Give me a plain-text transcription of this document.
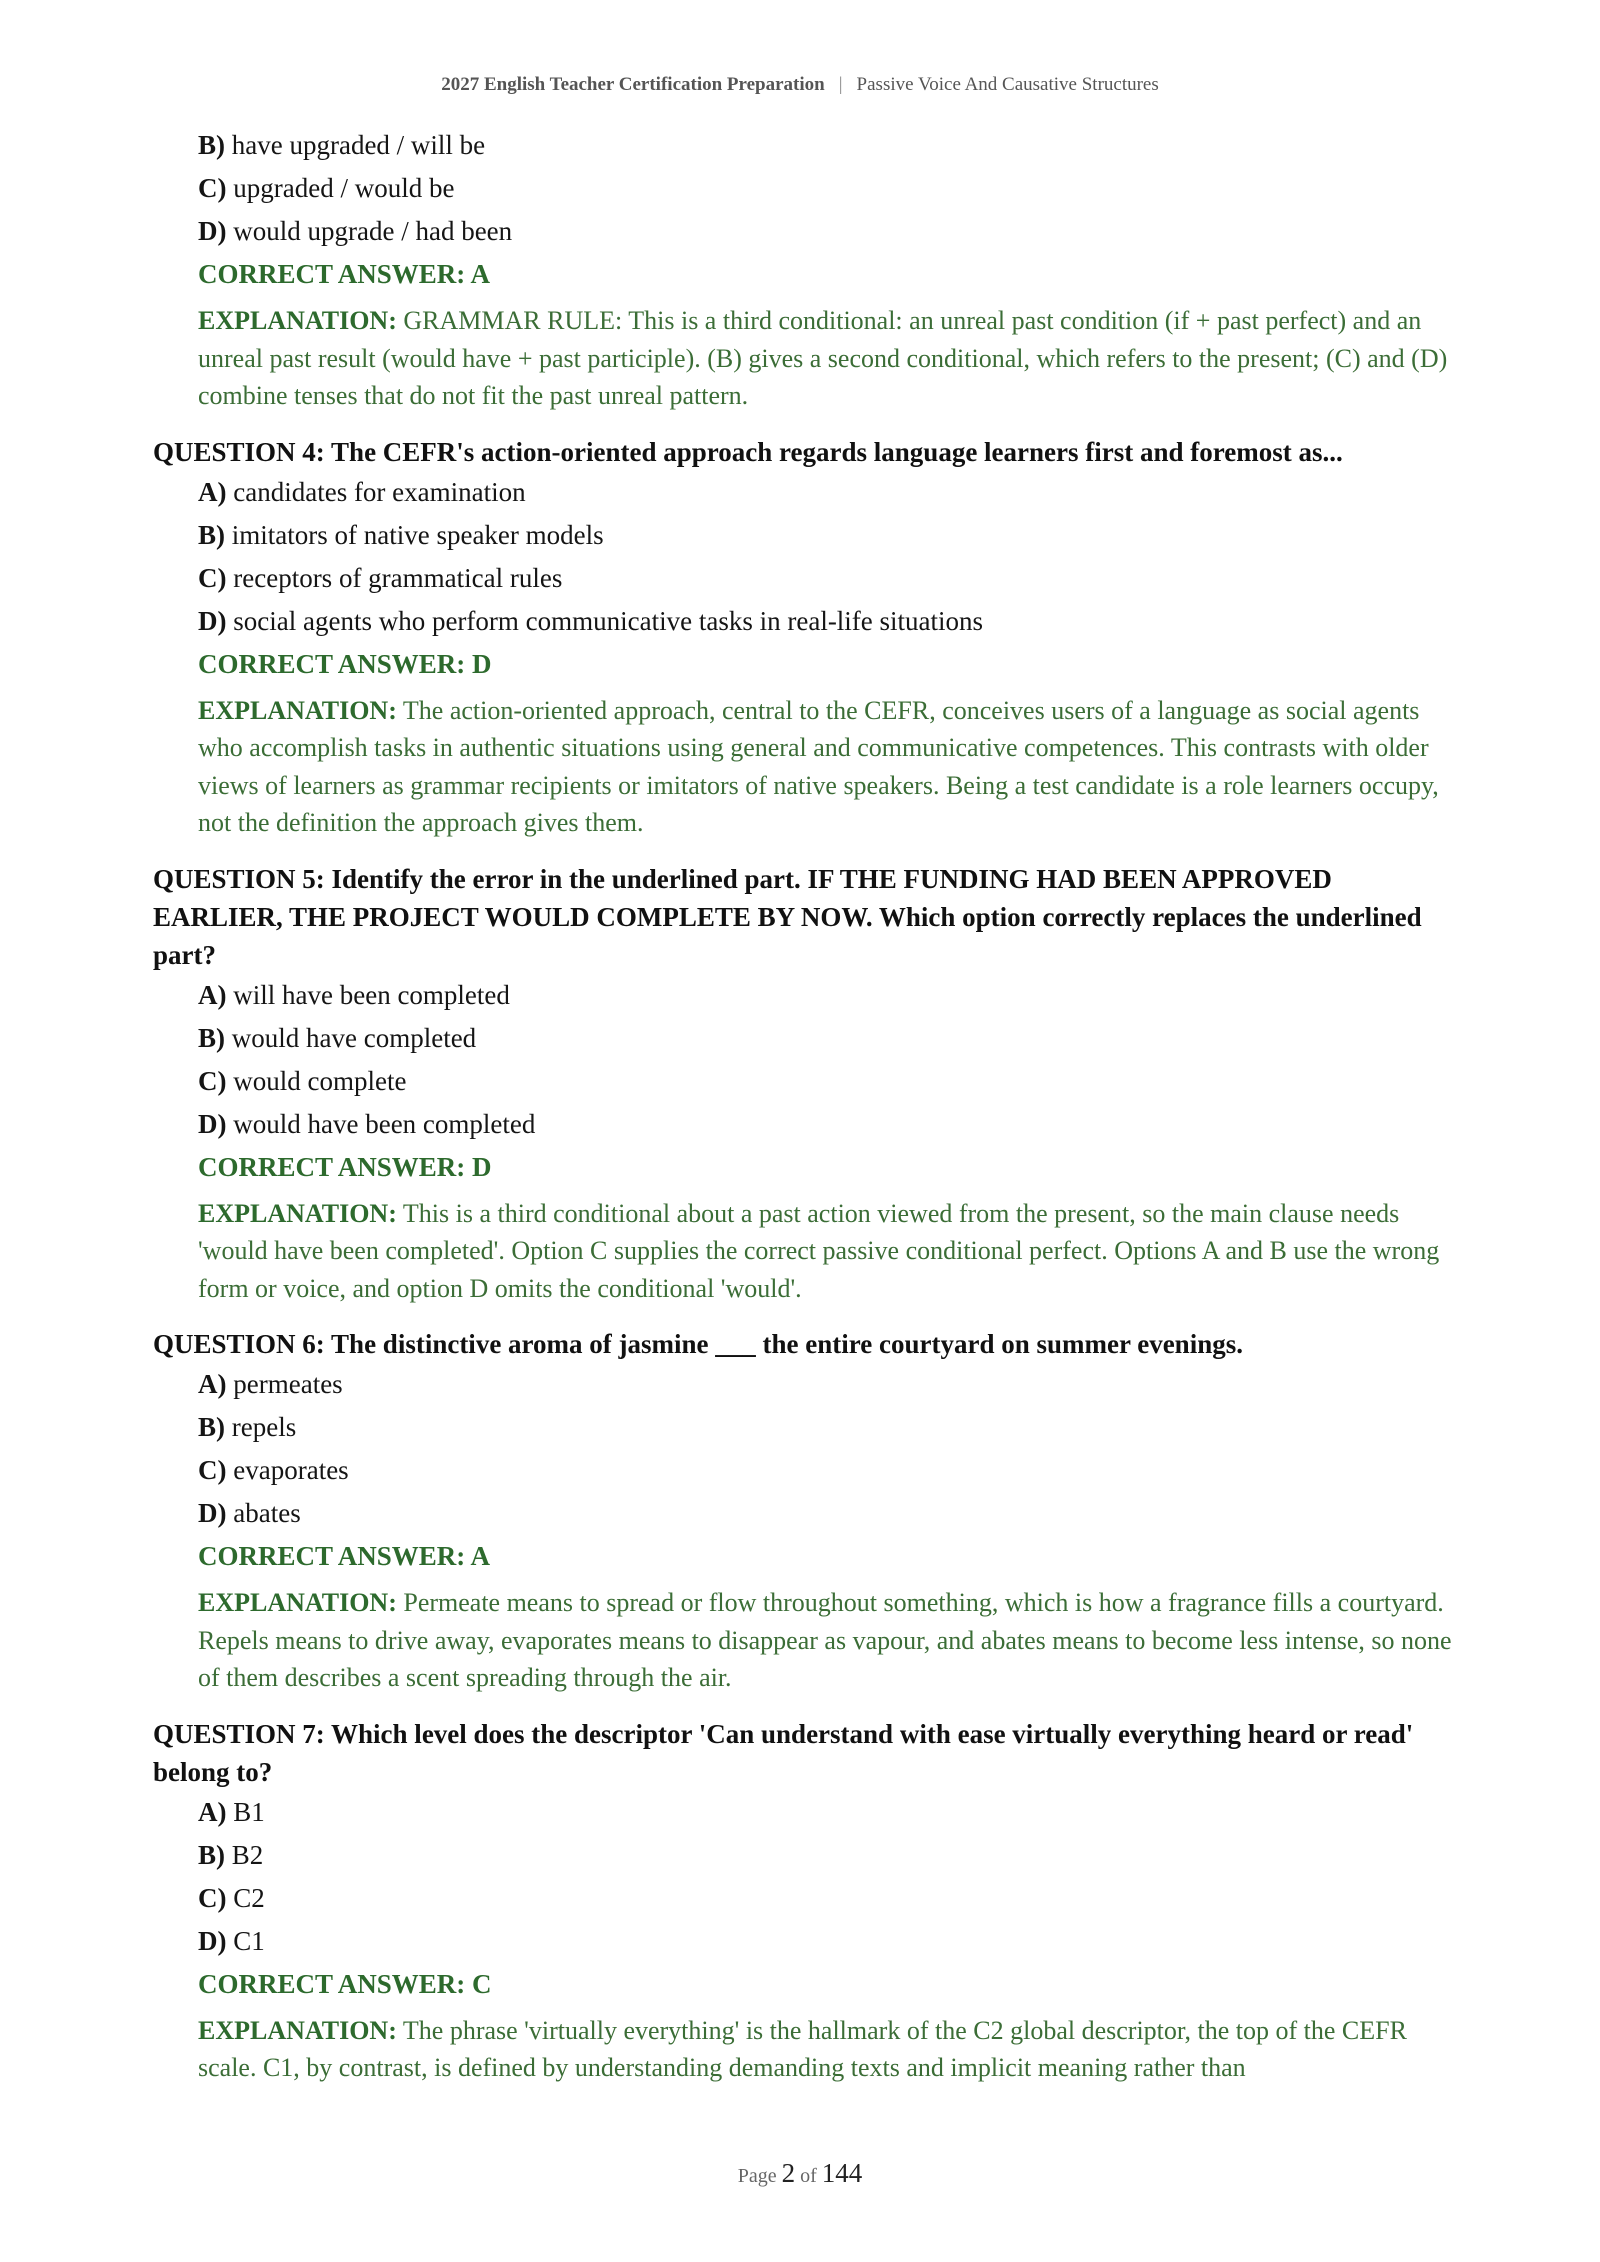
2027 English Teacher Certification Preparation | Passive Voice And Causative Structures
B) have upgraded / will be
C) upgraded / would be
D) would upgrade / had been
CORRECT ANSWER: A
EXPLANATION: GRAMMAR RULE: This is a third conditional: an unreal past condition (if + past perfect) and an unreal past result (would have + past participle). (B) gives a second conditional, which refers to the present; (C) and (D) combine tenses that do not fit the past unreal pattern.
QUESTION 4: The CEFR's action-oriented approach regards language learners first and foremost as...
A) candidates for examination
B) imitators of native speaker models
C) receptors of grammatical rules
D) social agents who perform communicative tasks in real-life situations
CORRECT ANSWER: D
EXPLANATION: The action-oriented approach, central to the CEFR, conceives users of a language as social agents who accomplish tasks in authentic situations using general and communicative competences. This contrasts with older views of learners as grammar recipients or imitators of native speakers. Being a test candidate is a role learners occupy, not the definition the approach gives them.
QUESTION 5: Identify the error in the underlined part. IF THE FUNDING HAD BEEN APPROVED EARLIER, THE PROJECT WOULD COMPLETE BY NOW. Which option correctly replaces the underlined part?
A) will have been completed
B) would have completed
C) would complete
D) would have been completed
CORRECT ANSWER: D
EXPLANATION: This is a third conditional about a past action viewed from the present, so the main clause needs 'would have been completed'. Option C supplies the correct passive conditional perfect. Options A and B use the wrong form or voice, and option D omits the conditional 'would'.
QUESTION 6: The distinctive aroma of jasmine ___ the entire courtyard on summer evenings.
A) permeates
B) repels
C) evaporates
D) abates
CORRECT ANSWER: A
EXPLANATION: Permeate means to spread or flow throughout something, which is how a fragrance fills a courtyard. Repels means to drive away, evaporates means to disappear as vapour, and abates means to become less intense, so none of them describes a scent spreading through the air.
QUESTION 7: Which level does the descriptor 'Can understand with ease virtually everything heard or read' belong to?
A) B1
B) B2
C) C2
D) C1
CORRECT ANSWER: C
EXPLANATION: The phrase 'virtually everything' is the hallmark of the C2 global descriptor, the top of the CEFR scale. C1, by contrast, is defined by understanding demanding texts and implicit meaning rather than
Page 2 of 144
